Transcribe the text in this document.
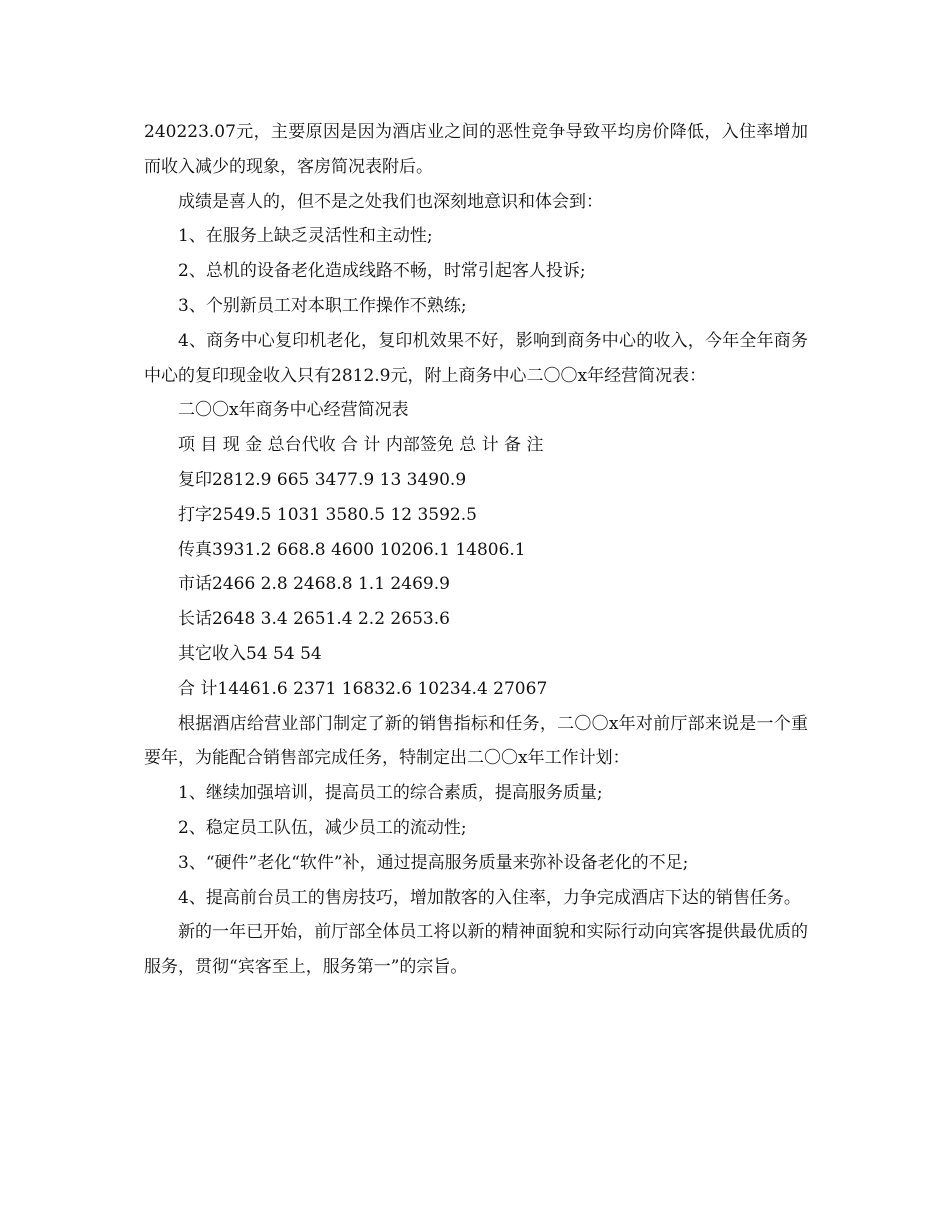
240223.07元，主要原因是因为酒店业之间的恶性竞争导致平均房价降低，入住率增加而收入减少的现象，客房简况表附后。

成绩是喜人的，但不是之处我们也深刻地意识和体会到：

1、在服务上缺乏灵活性和主动性;

2、总机的设备老化造成线路不畅，时常引起客人投诉;

3、个别新员工对本职工作操作不熟练;

4、商务中心复印机老化，复印机效果不好，影响到商务中心的收入，今年全年商务中心的复印现金收入只有2812.9元，附上商务中心二〇〇x年经营简况表：

二〇〇x年商务中心经营简况表

项 目 现 金 总台代收 合 计 内部签免 总 计 备 注

复印2812.9 665 3477.9 13 3490.9

打字2549.5 1031 3580.5 12 3592.5

传真3931.2 668.8 4600 10206.1 14806.1

市话2466 2.8 2468.8 1.1 2469.9

长话2648 3.4 2651.4 2.2 2653.6

其它收入54 54 54

合 计14461.6 2371 16832.6 10234.4 27067

根据酒店给营业部门制定了新的销售指标和任务，二〇〇x年对前厅部来说是一个重要年，为能配合销售部完成任务，特制定出二〇〇x年工作计划：

1、继续加强培训，提高员工的综合素质，提高服务质量;

2、稳定员工队伍，减少员工的流动性;

3、“硬件”老化“软件”补，通过提高服务质量来弥补设备老化的不足;

4、提高前台员工的售房技巧，增加散客的入住率，力争完成酒店下达的销售任务。

新的一年已开始，前厅部全体员工将以新的精神面貌和实际行动向宾客提供最优质的服务，贯彻“宾客至上，服务第一”的宗旨。
